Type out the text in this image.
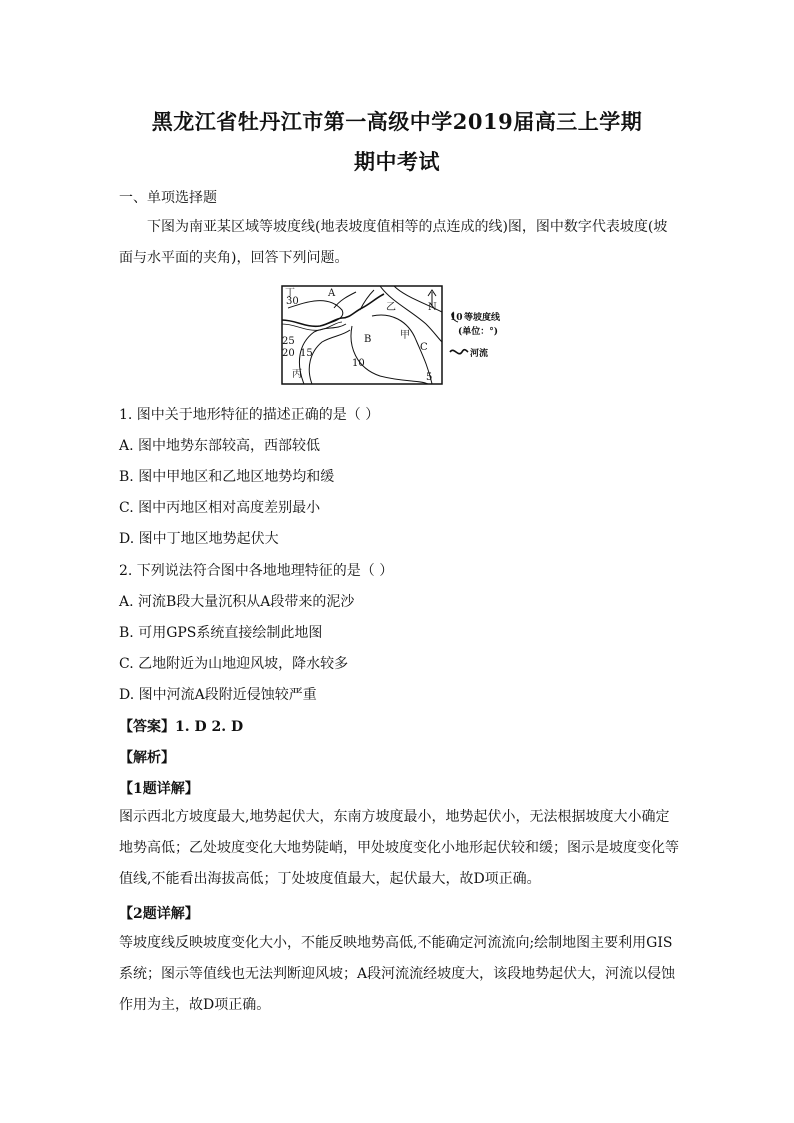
黑龙江省牡丹江市第一高级中学2019届高三上学期
期中考试
一、单项选择题
下图为南亚某区域等坡度线(地表坡度值相等的点连成的线)图，图中数字代表坡度(坡面与水平面的夹角)，回答下列问题。
丁
30
A
乙	N
甲
B
C
25
20 15
10
5
丙
10 等坡度线
(单位：°)
河流
1. 图中关于地形特征的描述正确的是（ ）
A. 图中地势东部较高，西部较低
B. 图中甲地区和乙地区地势均和缓
C. 图中丙地区相对高度差别最小
D. 图中丁地区地势起伏大
2. 下列说法符合图中各地地理特征的是（ ）
A. 河流B段大量沉积从A段带来的泥沙
B. 可用GPS系统直接绘制此地图
C. 乙地附近为山地迎风坡，降水较多
D. 图中河流A段附近侵蚀较严重
【答案】1. D 2. D
【解析】
【1题详解】
图示西北方坡度最大,地势起伏大，东南方坡度最小，地势起伏小，无法根据坡度大小确定地势高低；乙处坡度变化大地势陡峭，甲处坡度变化小地形起伏较和缓；图示是坡度变化等值线,不能看出海拔高低；丁处坡度值最大，起伏最大，故D项正确。
【2题详解】
等坡度线反映坡度变化大小，不能反映地势高低,不能确定河流流向;绘制地图主要利用GIS系统；图示等值线也无法判断迎风坡；A段河流流经坡度大，该段地势起伏大，河流以侵蚀作用为主，故D项正确。
